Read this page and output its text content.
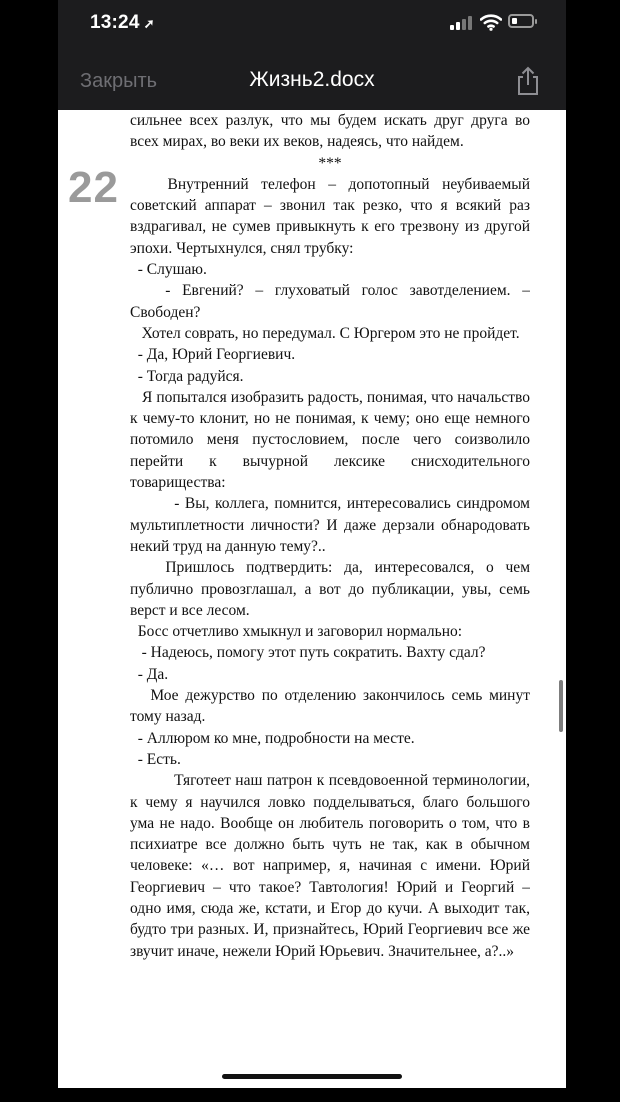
13:24 ➚
Закрыть	Жизнь2.docx
22

сильнее всех разлук, что мы будем искать друг друга во всех мирах, во веки их веков, надеясь, что найдем.

***

Внутренний телефон – допотопный неубиваемый советский аппарат – звонил так резко, что я всякий раз вздрагивал, не сумев привыкнуть к его трезвону из другой эпохи. Чертыхнулся, снял трубку:

- Слушаю.

- Евгений? – глуховатый голос завотделением. – Свободен?

Хотел соврать, но передумал. С Юргером это не пройдет.

- Да, Юрий Георгиевич.

- Тогда радуйся.

Я попытался изобразить радость, понимая, что начальство к чему-то клонит, но не понимая, к чему; оно еще немного потомило меня пустословием, после чего соизволило перейти к вычурной лексике снисходительного товарищества:

- Вы, коллега, помнится, интересовались синдромом мультиплетности личности? И даже дерзали обнародовать некий труд на данную тему?..

Пришлось подтвердить: да, интересовался, о чем публично провозглашал, а вот до публикации, увы, семь верст и все лесом.

Босс отчетливо хмыкнул и заговорил нормально:

- Надеюсь, помогу этот путь сократить. Вахту сдал?

- Да.

Мое дежурство по отделению закончилось семь минут тому назад.

- Аллюром ко мне, подробности на месте.

- Есть.

Тяготеет наш патрон к псевдовоенной терминологии, к чему я научился ловко подделываться, благо большого ума не надо. Вообще он любитель поговорить о том, что в психиатре все должно быть чуть не так, как в обычном человеке: «… вот например, я, начиная с имени. Юрий Георгиевич – что такое? Тавтология! Юрий и Георгий – одно имя, сюда же, кстати, и Егор до кучи. А выходит так, будто три разных. И, признайтесь, Юрий Георгиевич все же звучит иначе, нежели Юрий Юрьевич. Значительнее, а?..»
